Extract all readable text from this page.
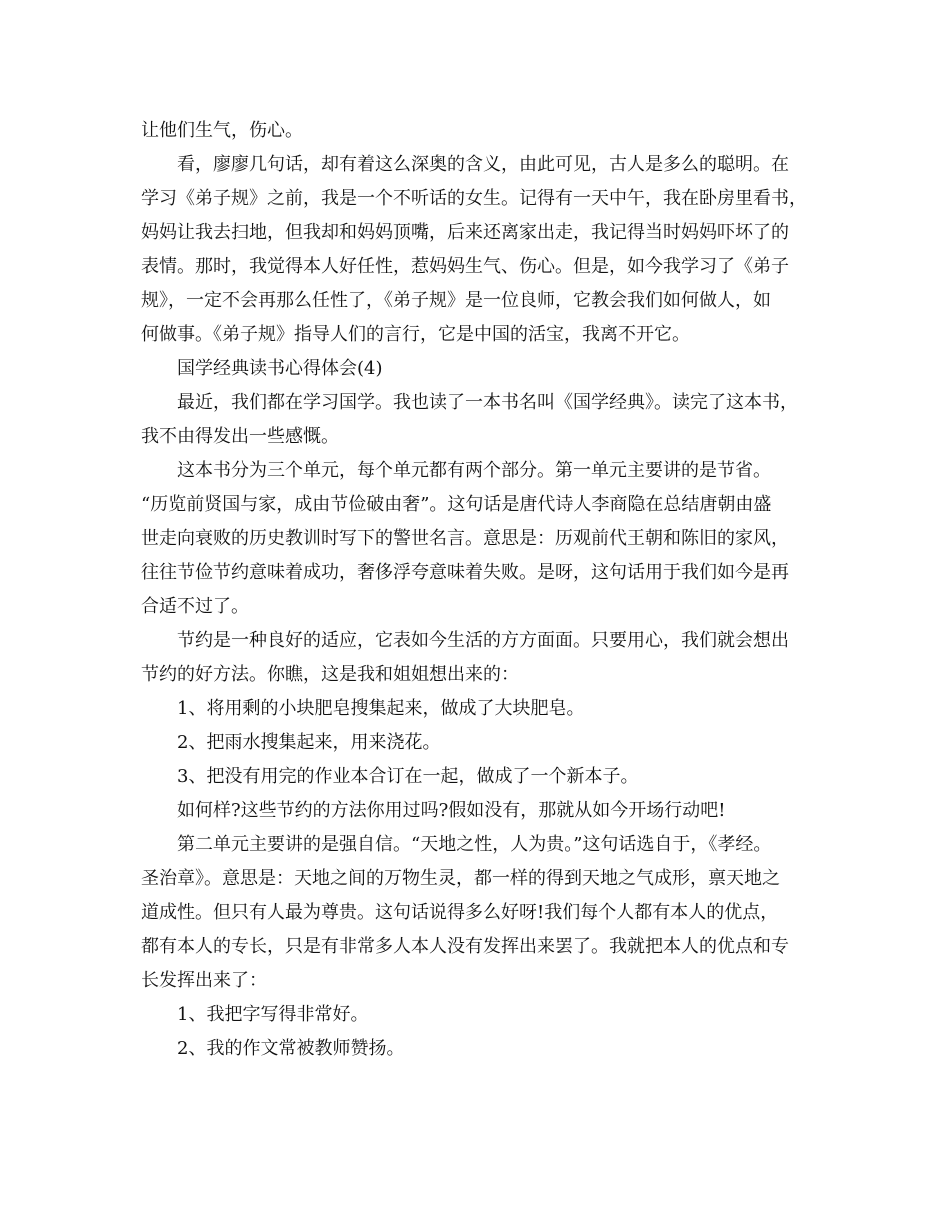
让他们生气，伤心。
看，廖廖几句话，却有着这么深奥的含义，由此可见，古人是多么的聪明。在
学习《弟子规》之前，我是一个不听话的女生。记得有一天中午，我在卧房里看书，
妈妈让我去扫地，但我却和妈妈顶嘴，后来还离家出走，我记得当时妈妈吓坏了的
表情。那时，我觉得本人好任性，惹妈妈生气、伤心。但是，如今我学习了《弟子
规》，一定不会再那么任性了，《弟子规》是一位良师，它教会我们如何做人，如
何做事。《弟子规》指导人们的言行，它是中国的活宝，我离不开它。
国学经典读书心得体会(4)
最近，我们都在学习国学。我也读了一本书名叫《国学经典》。读完了这本书，
我不由得发出一些感慨。
这本书分为三个单元，每个单元都有两个部分。第一单元主要讲的是节省。
“历览前贤国与家，成由节俭破由奢”。这句话是唐代诗人李商隐在总结唐朝由盛
世走向衰败的历史教训时写下的警世名言。意思是：历观前代王朝和陈旧的家风，
往往节俭节约意味着成功，奢侈浮夸意味着失败。是呀，这句话用于我们如今是再
合适不过了。
节约是一种良好的适应，它表如今生活的方方面面。只要用心，我们就会想出
节约的好方法。你瞧，这是我和姐姐想出来的：
1、将用剩的小块肥皂搜集起来，做成了大块肥皂。
2、把雨水搜集起来，用来浇花。
3、把没有用完的作业本合订在一起，做成了一个新本子。
如何样?这些节约的方法你用过吗?假如没有，那就从如今开场行动吧!
第二单元主要讲的是强自信。“天地之性，人为贵。”这句话选自于，《孝经。
圣治章》。意思是：天地之间的万物生灵，都一样的得到天地之气成形，禀天地之
道成性。但只有人最为尊贵。这句话说得多么好呀!我们每个人都有本人的优点，
都有本人的专长，只是有非常多人本人没有发挥出来罢了。我就把本人的优点和专
长发挥出来了：
1、我把字写得非常好。
2、我的作文常被教师赞扬。
